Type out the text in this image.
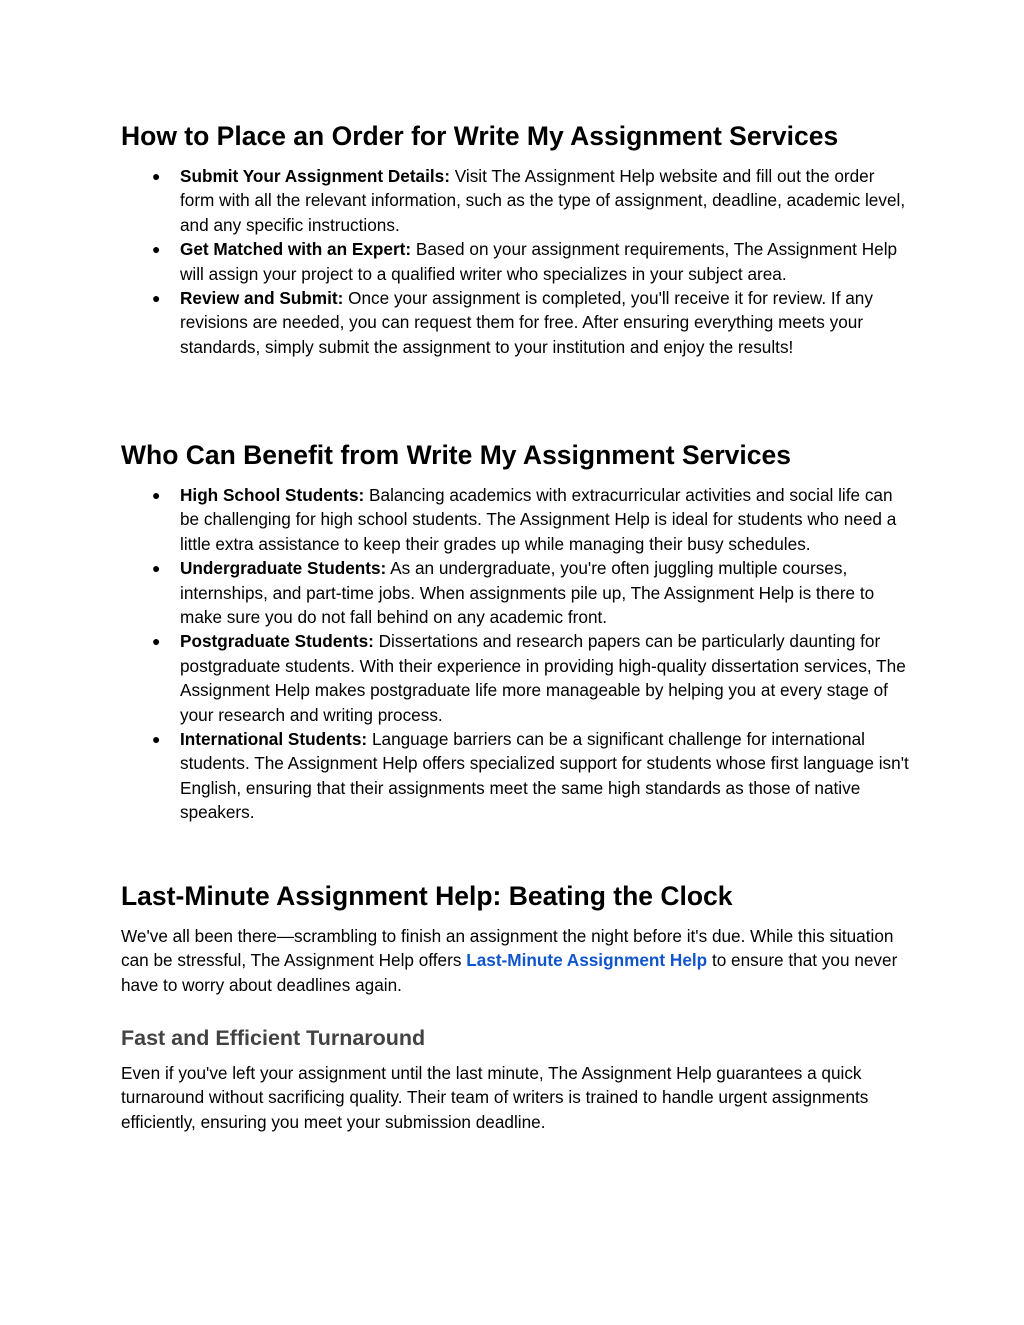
How to Place an Order for Write My Assignment Services
● Submit Your Assignment Details: Visit The Assignment Help website and fill out the order form with all the relevant information, such as the type of assignment, deadline, academic level, and any specific instructions.
● Get Matched with an Expert: Based on your assignment requirements, The Assignment Help will assign your project to a qualified writer who specializes in your subject area.
● Review and Submit: Once your assignment is completed, you'll receive it for review. If any revisions are needed, you can request them for free. After ensuring everything meets your standards, simply submit the assignment to your institution and enjoy the results!
Who Can Benefit from Write My Assignment Services
● High School Students: Balancing academics with extracurricular activities and social life can be challenging for high school students. The Assignment Help is ideal for students who need a little extra assistance to keep their grades up while managing their busy schedules.
● Undergraduate Students: As an undergraduate, you're often juggling multiple courses, internships, and part-time jobs. When assignments pile up, The Assignment Help is there to make sure you do not fall behind on any academic front.
● Postgraduate Students: Dissertations and research papers can be particularly daunting for postgraduate students. With their experience in providing high-quality dissertation services, The Assignment Help makes postgraduate life more manageable by helping you at every stage of your research and writing process.
● International Students: Language barriers can be a significant challenge for international students. The Assignment Help offers specialized support for students whose first language isn't English, ensuring that their assignments meet the same high standards as those of native speakers.
Last-Minute Assignment Help: Beating the Clock

We've all been there—scrambling to finish an assignment the night before it's due. While this situation can be stressful, The Assignment Help offers Last-Minute Assignment Help to ensure that you never have to worry about deadlines again.

Fast and Efficient Turnaround

Even if you've left your assignment until the last minute, The Assignment Help guarantees a quick turnaround without sacrificing quality. Their team of writers is trained to handle urgent assignments efficiently, ensuring you meet your submission deadline.
